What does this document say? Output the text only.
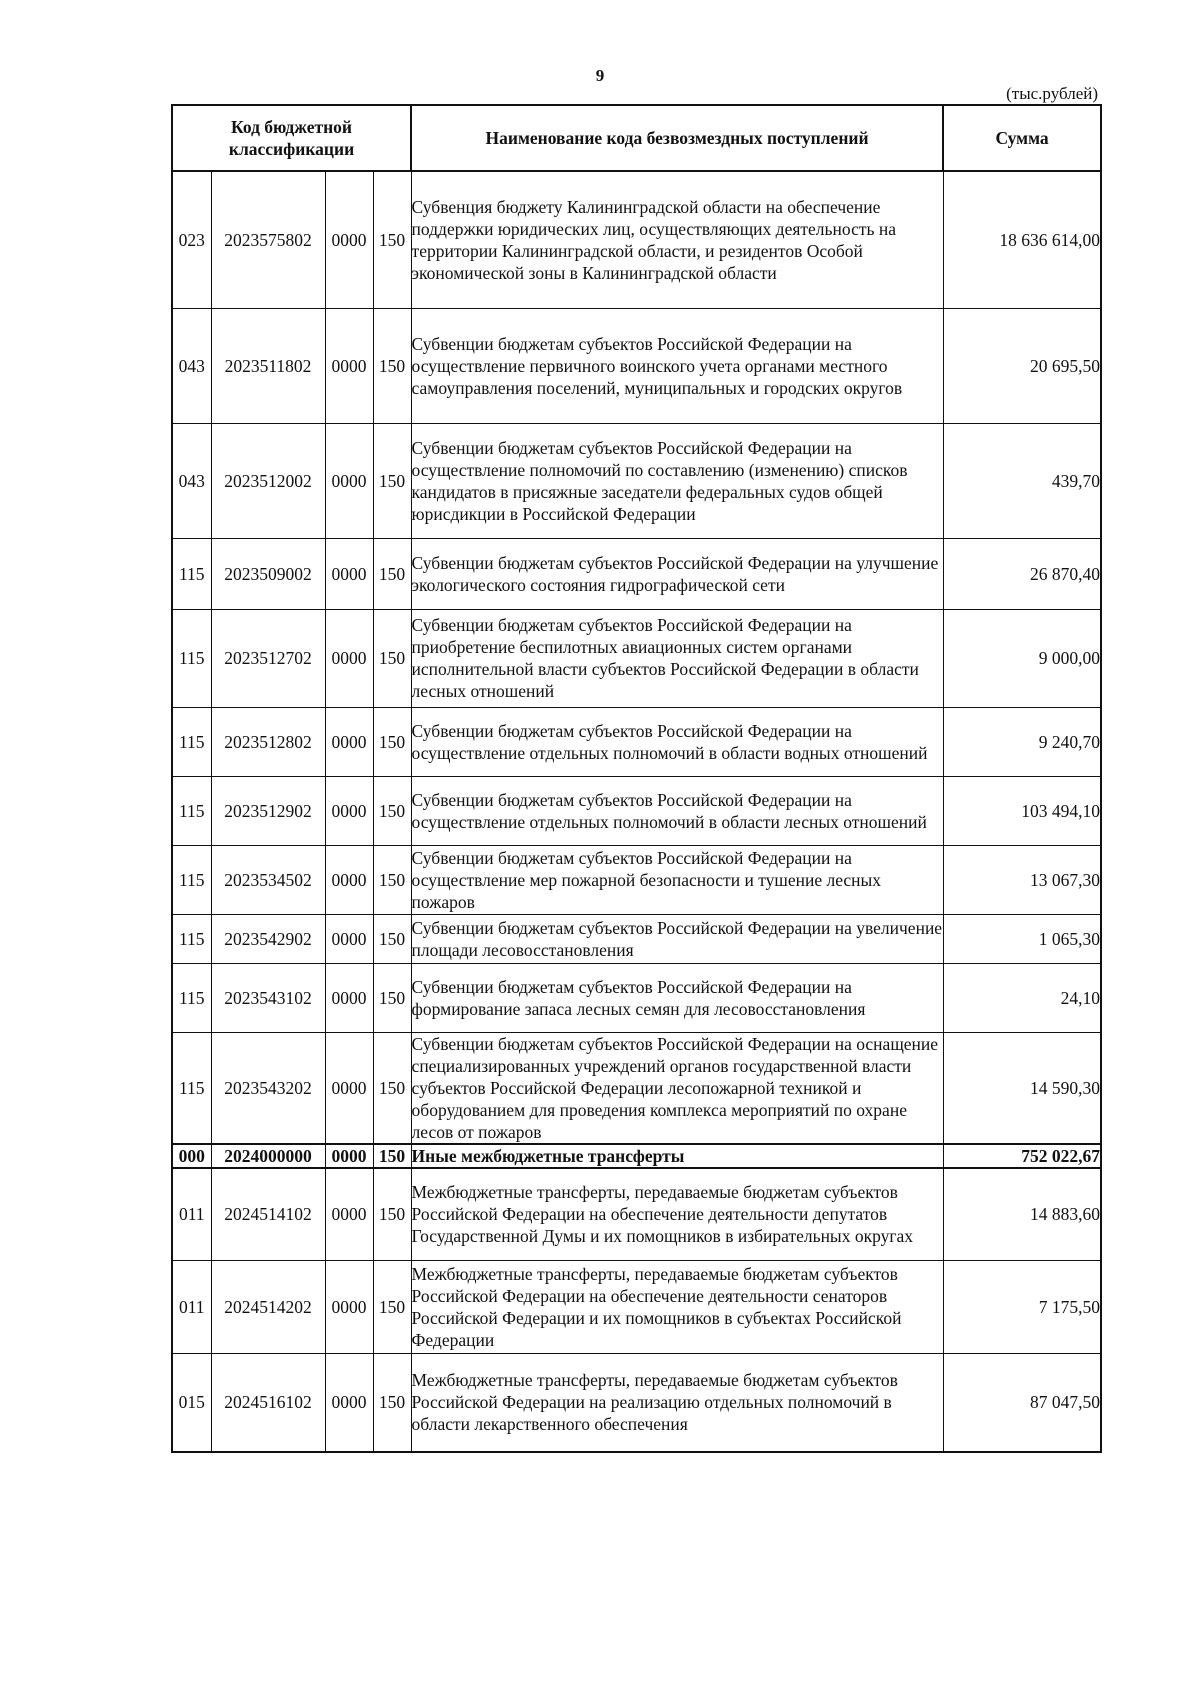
9
(тыс.рублей)
Код бюджетной классификации				Наименование кода безвозмездных поступлений	Сумма
023	2023575802	0000	150	Субвенция бюджету Калининградской области на обеспечение поддержки юридических лиц, осуществляющих деятельность на территории Калининградской области, и резидентов Особой экономической зоны в Калининградской области	18 636 614,00
043	2023511802	0000	150	Субвенции бюджетам субъектов Российской Федерации на осуществление первичного воинского учета органами местного самоуправления поселений, муниципальных и городских округов	20 695,50
043	2023512002	0000	150	Субвенции бюджетам субъектов Российской Федерации на осуществление полномочий по составлению (изменению) списков кандидатов в присяжные заседатели федеральных судов общей юрисдикции в Российской Федерации	439,70
115	2023509002	0000	150	Субвенции бюджетам субъектов Российской Федерации на улучшение экологического состояния гидрографической сети	26 870,40
115	2023512702	0000	150	Субвенции бюджетам субъектов Российской Федерации на приобретение беспилотных авиационных систем органами исполнительной власти субъектов Российской Федерации в области лесных отношений	9 000,00
115	2023512802	0000	150	Субвенции бюджетам субъектов Российской Федерации на осуществление отдельных полномочий в области водных отношений	9 240,70
115	2023512902	0000	150	Субвенции бюджетам субъектов Российской Федерации на осуществление отдельных полномочий в области лесных отношений	103 494,10
115	2023534502	0000	150	Субвенции бюджетам субъектов Российской Федерации на осуществление мер пожарной безопасности и тушение лесных пожаров	13 067,30
115	2023542902	0000	150	Субвенции бюджетам субъектов Российской Федерации на увеличение площади лесовосстановления	1 065,30
115	2023543102	0000	150	Субвенции бюджетам субъектов Российской Федерации на формирование запаса лесных семян для лесовосстановления	24,10
115	2023543202	0000	150	Субвенции бюджетам субъектов Российской Федерации на оснащение специализированных учреждений органов государственной власти субъектов Российской Федерации лесопожарной техникой и оборудованием для проведения комплекса мероприятий по охране лесов от пожаров	14 590,30
000	2024000000	0000	150	Иные межбюджетные трансферты	752 022,67
011	2024514102	0000	150	Межбюджетные трансферты, передаваемые бюджетам субъектов Российской Федерации на обеспечение деятельности депутатов Государственной Думы и их помощников в избирательных округах	14 883,60
011	2024514202	0000	150	Межбюджетные трансферты, передаваемые бюджетам субъектов Российской Федерации на обеспечение деятельности сенаторов Российской Федерации и их помощников в субъектах Российской Федерации	7 175,50
015	2024516102	0000	150	Межбюджетные трансферты, передаваемые бюджетам субъектов Российской Федерации на реализацию отдельных полномочий в области лекарственного обеспечения	87 047,50
